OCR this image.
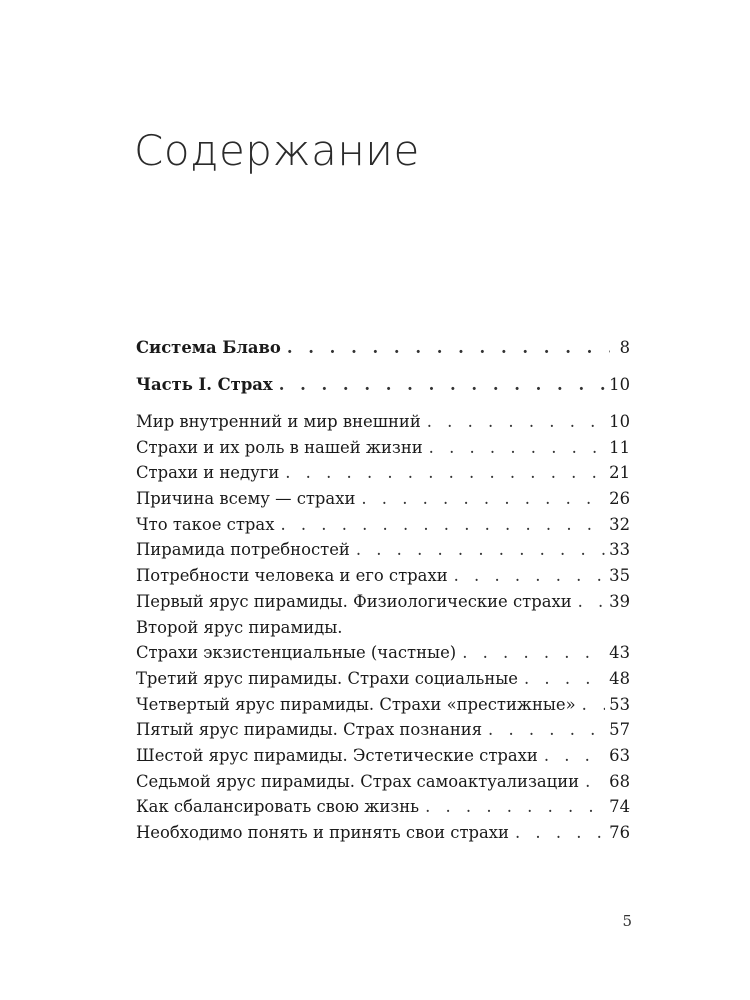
Содержание
Система Блаво . . .	8
Часть I. Страх . . .	10
Мир внутренний и мир внешний . . .	10
Страхи и их роль в нашей жизни . . .	11
Страхи и недуги . . .	21
Причина всему — страхи . . .	26
Что такое страх . . .	32
Пирамида потребностей . . .	33
Потребности человека и его страхи . . .	35
Первый ярус пирамиды. Физиологические страхи . . . 39
Второй ярус пирамиды.
Страхи экзистенциальные (частные) . . .	43
Третий ярус пирамиды. Страхи социальные . . .	48
Четвертый ярус пирамиды. Страхи «престижные» . . . 53
Пятый ярус пирамиды. Страх познания . . .	57
Шестой ярус пирамиды. Эстетические страхи . . .	63
Седьмой ярус пирамиды. Страх самоактуализации . . . 68
Как сбалансировать свою жизнь . . .	74
Необходимо понять и принять свои страхи . . .	76
5
